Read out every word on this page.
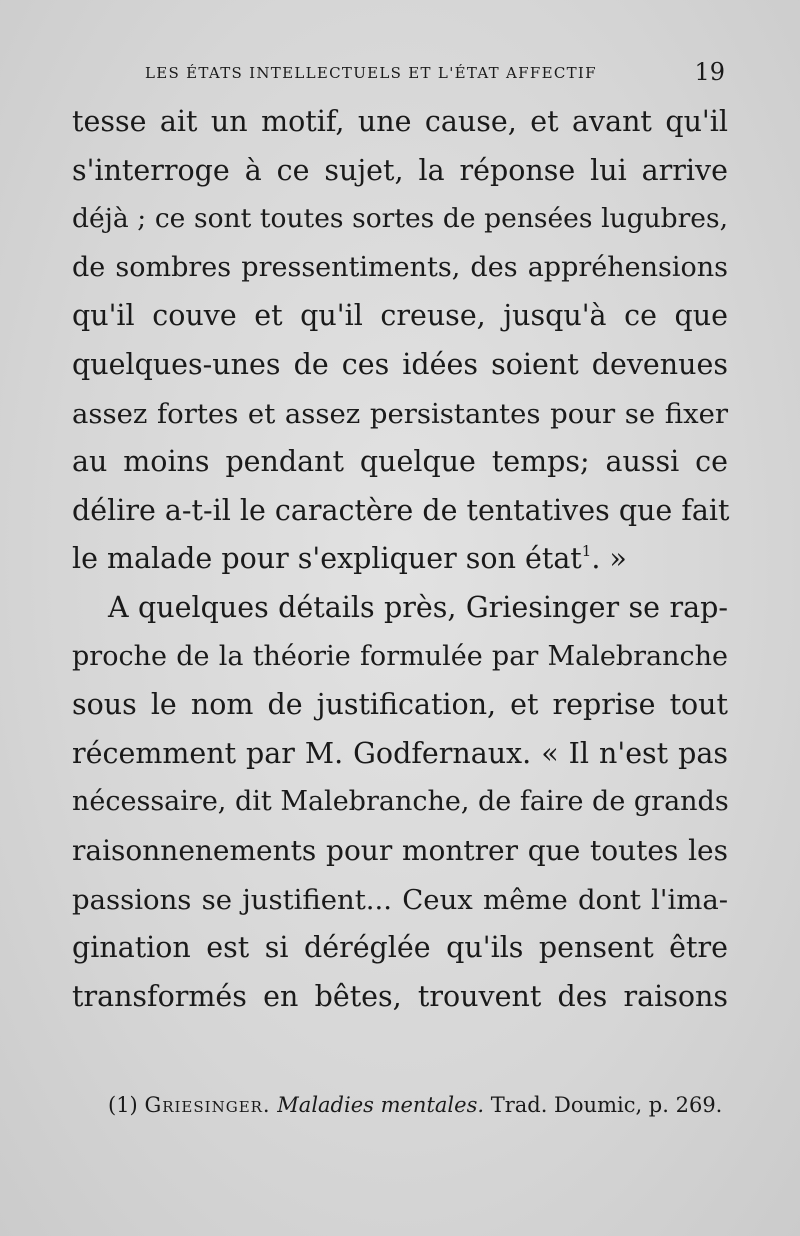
LES ÉTATS INTELLECTUELS ET L'ÉTAT AFFECTIF	19
tesse ait un motif, une cause, et avant qu'il
s'interroge à ce sujet, la réponse lui arrive
déjà ; ce sont toutes sortes de pensées lugubres,
de sombres pressentiments, des appréhensions
qu'il couve et qu'il creuse, jusqu'à ce que
quelques-unes de ces idées soient devenues
assez fortes et assez persistantes pour se fixer
au moins pendant quelque temps; aussi ce
délire a-t-il le caractère de tentatives que fait
le malade pour s'expliquer son état$^1$. »
A quelques détails près, Griesinger se rap-
proche de la théorie formulée par Malebranche
sous le nom de justification, et reprise tout
récemment par M. Godfernaux. « Il n'est pas
nécessaire, dit Malebranche, de faire de grands
raisonnenements pour montrer que toutes les
passions se justifient... Ceux même dont l'ima-
gination est si déréglée qu'ils pensent être
transformés en bêtes, trouvent des raisons
(1) Griesinger. Maladies mentales. Trad. Doumic, p. 269.
